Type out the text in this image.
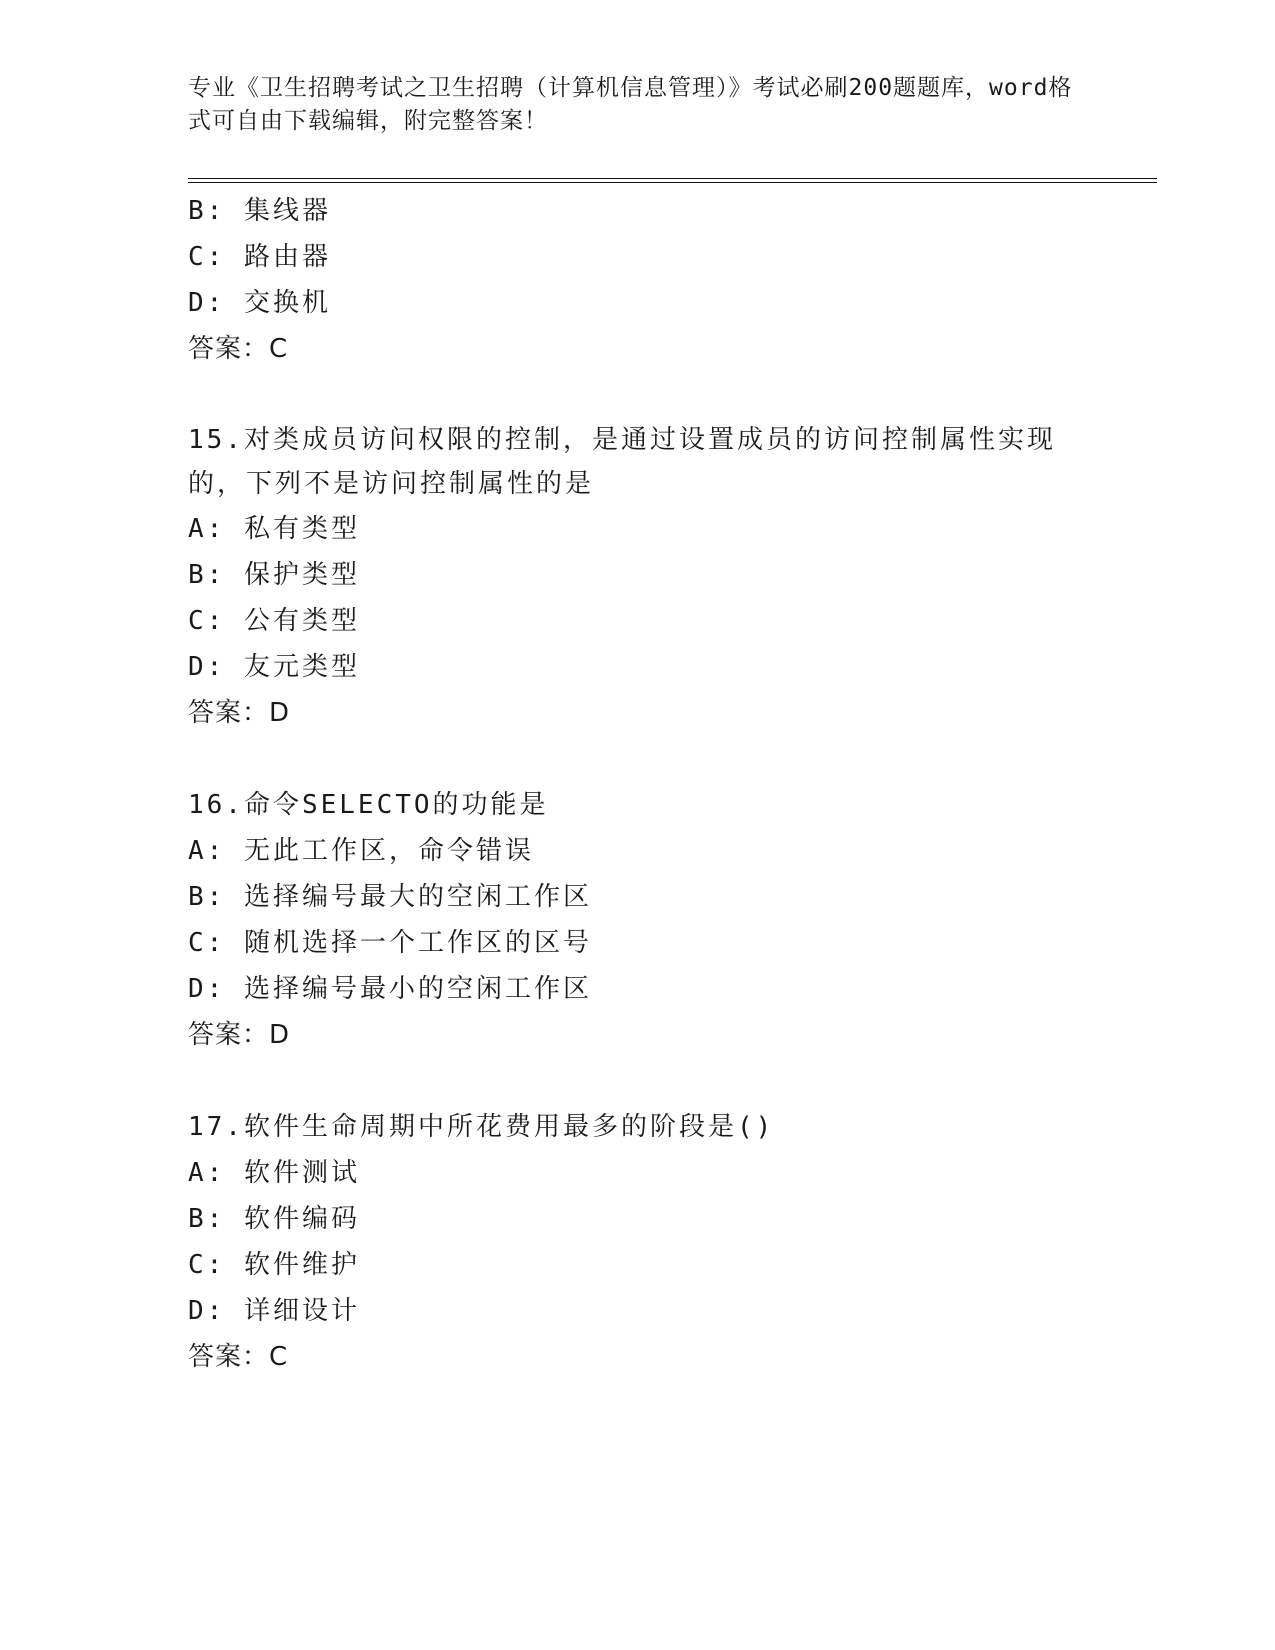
专业《卫生招聘考试之卫生招聘（计算机信息管理）》考试必刷200题题库，word格式可自由下载编辑，附完整答案！
B: 集线器
C: 路由器
D: 交换机
答案：C
15.对类成员访问权限的控制，是通过设置成员的访问控制属性实现的，下列不是访问控制属性的是
A: 私有类型
B: 保护类型
C: 公有类型
D: 友元类型
答案：D
16.命令SELECTO的功能是
A: 无此工作区，命令错误
B: 选择编号最大的空闲工作区
C: 随机选择一个工作区的区号
D: 选择编号最小的空闲工作区
答案：D
17.软件生命周期中所花费用最多的阶段是()
A: 软件测试
B: 软件编码
C: 软件维护
D: 详细设计
答案：C
